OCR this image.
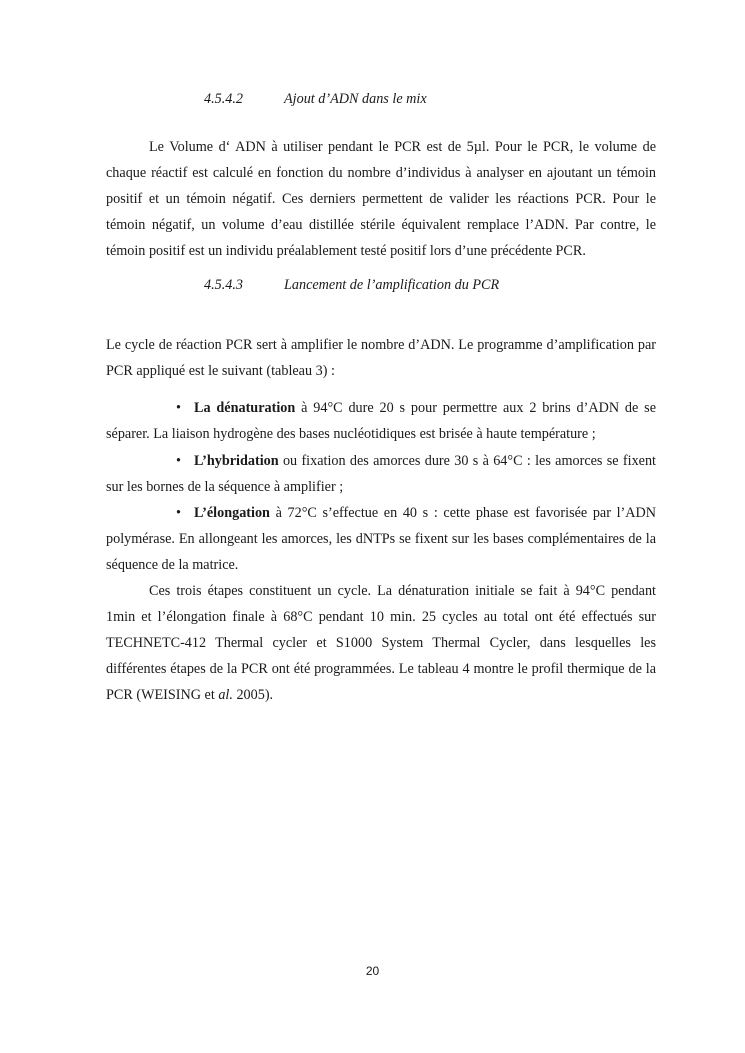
4.5.4.2	Ajout d’ADN dans le mix

Le Volume d‘ ADN à utiliser pendant le PCR est de 5µl. Pour le PCR, le volume de chaque réactif est calculé en fonction du nombre d’individus à analyser en ajoutant un témoin positif et un témoin négatif. Ces derniers permettent de valider les réactions PCR. Pour le témoin négatif, un volume d’eau distillée stérile équivalent remplace l’ADN. Par contre, le témoin positif est un individu préalablement testé positif lors d’une précédente PCR.

4.5.4.3	Lancement de l’amplification du PCR

Le cycle de réaction PCR sert à amplifier le nombre d’ADN. Le programme d’amplification par PCR appliqué est le suivant (tableau 3) :

• La dénaturation à 94°C dure 20 s pour permettre aux 2 brins d’ADN de se séparer. La liaison hydrogène des bases nucléotidiques est brisée à haute température ;

• L’hybridation ou fixation des amorces dure 30 s à 64°C : les amorces se fixent sur les bornes de la séquence à amplifier ;

• L’élongation à 72°C s’effectue en 40 s : cette phase est favorisée par l’ADN polymérase. En allongeant les amorces, les dNTPs se fixent sur les bases complémentaires de la séquence de la matrice.

Ces trois étapes constituent un cycle. La dénaturation initiale se fait à 94°C pendant 1min et l’élongation finale à 68°C pendant 10 min. 25 cycles au total ont été effectués sur TECHNETC-412 Thermal cycler et S1000 System Thermal Cycler, dans lesquelles les différentes étapes de la PCR ont été programmées. Le tableau 4 montre le profil thermique de la PCR (WEISING et al. 2005).

20
